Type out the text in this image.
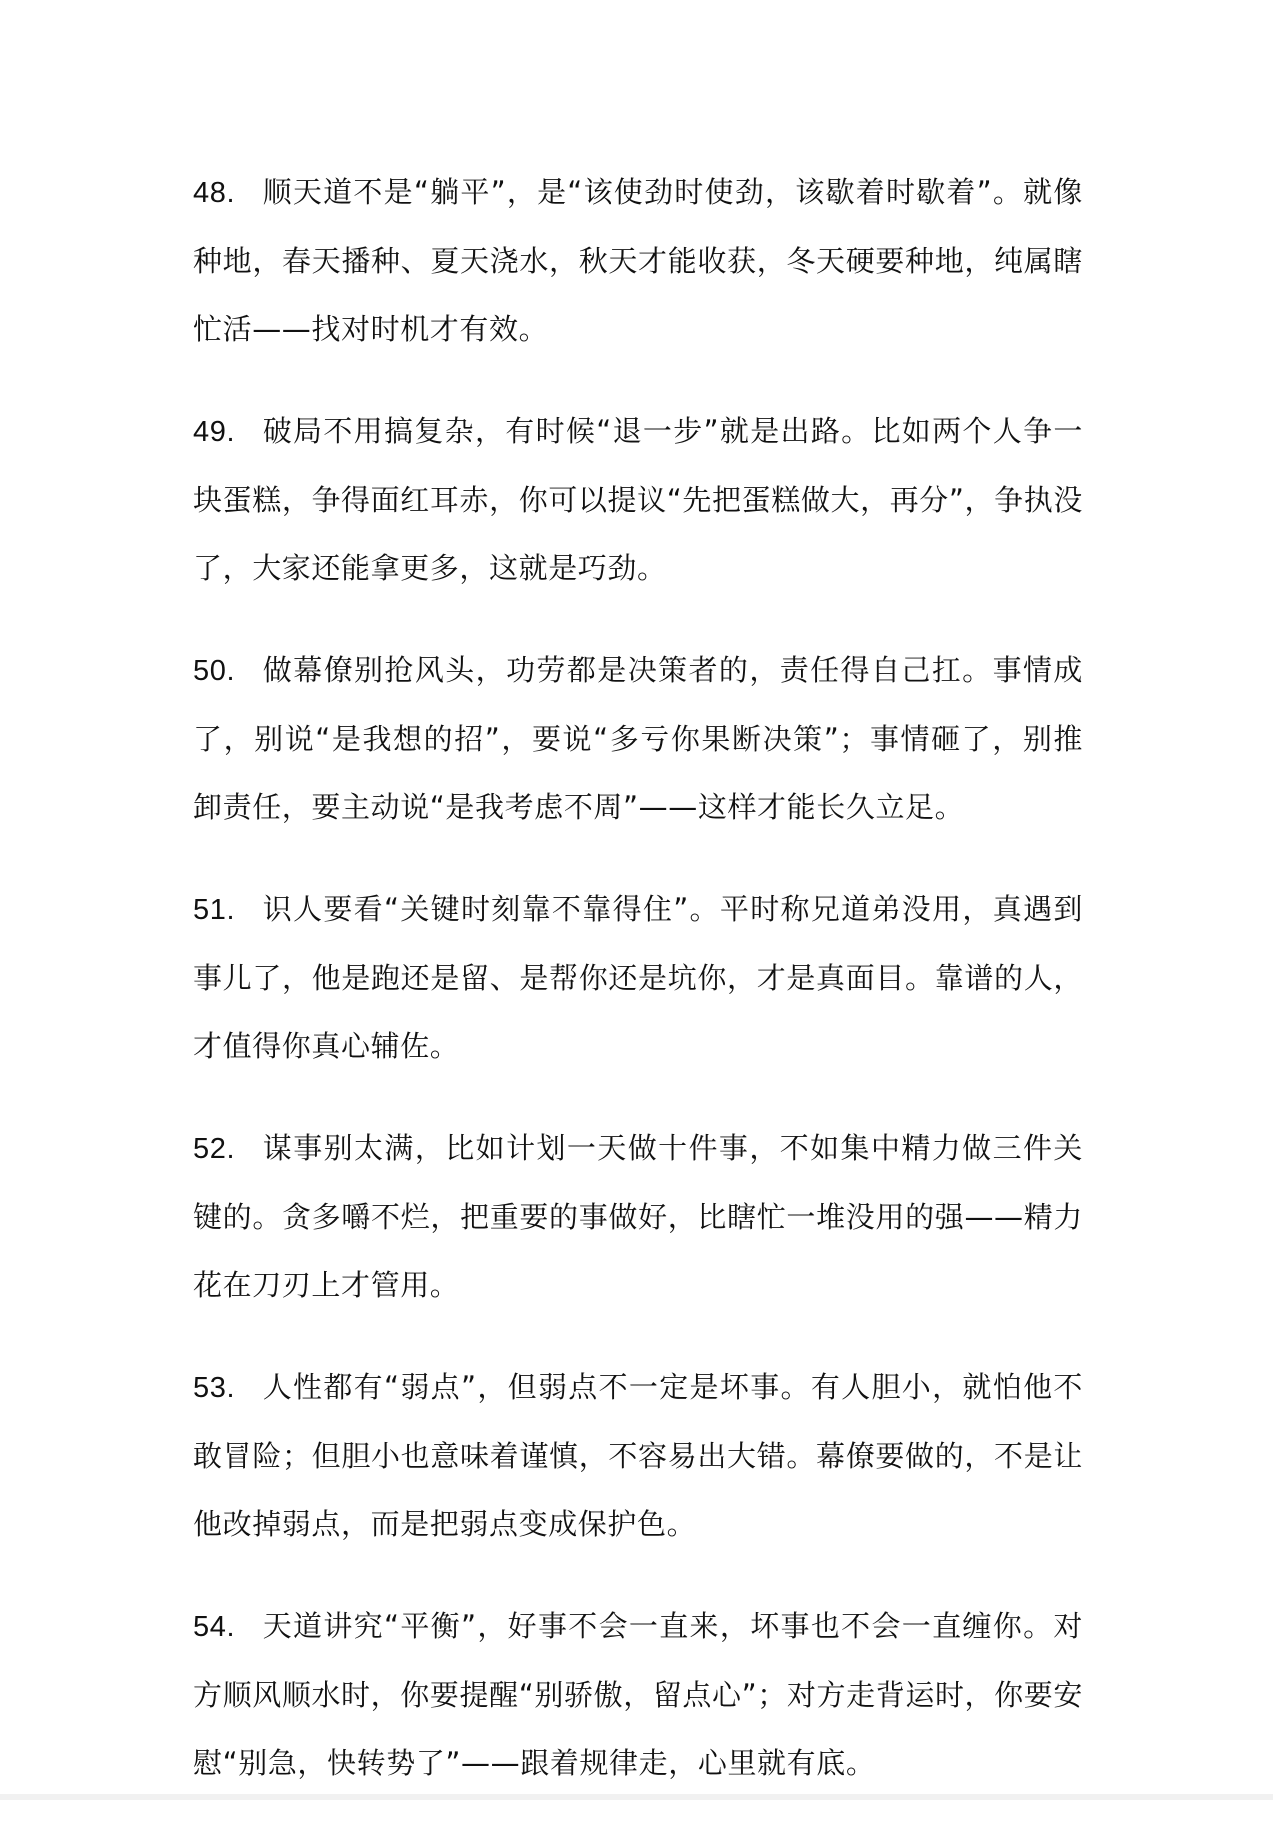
48. 顺天道不是“躺平”，是“该使劲时使劲，该歇着时歇着”。就像种地，春天播种、夏天浇水，秋天才能收获，冬天硬要种地，纯属瞎忙活——找对时机才有效。

49. 破局不用搞复杂，有时候“退一步”就是出路。比如两个人争一块蛋糕，争得面红耳赤，你可以提议“先把蛋糕做大，再分”，争执没了，大家还能拿更多，这就是巧劲。

50. 做幕僚别抢风头，功劳都是决策者的，责任得自己扛。事情成了，别说“是我想的招”，要说“多亏你果断决策”；事情砸了，别推卸责任，要主动说“是我考虑不周”——这样才能长久立足。

51. 识人要看“关键时刻靠不靠得住”。平时称兄道弟没用，真遇到事儿了，他是跑还是留、是帮你还是坑你，才是真面目。靠谱的人，才值得你真心辅佐。

52. 谋事别太满，比如计划一天做十件事，不如集中精力做三件关键的。贪多嚼不烂，把重要的事做好，比瞎忙一堆没用的强——精力花在刀刃上才管用。

53. 人性都有“弱点”，但弱点不一定是坏事。有人胆小，就怕他不敢冒险；但胆小也意味着谨慎，不容易出大错。幕僚要做的，不是让他改掉弱点，而是把弱点变成保护色。

54. 天道讲究“平衡”，好事不会一直来，坏事也不会一直缠你。对方顺风顺水时，你要提醒“别骄傲，留点心”；对方走背运时，你要安慰“别急，快转势了”——跟着规律走，心里就有底。
